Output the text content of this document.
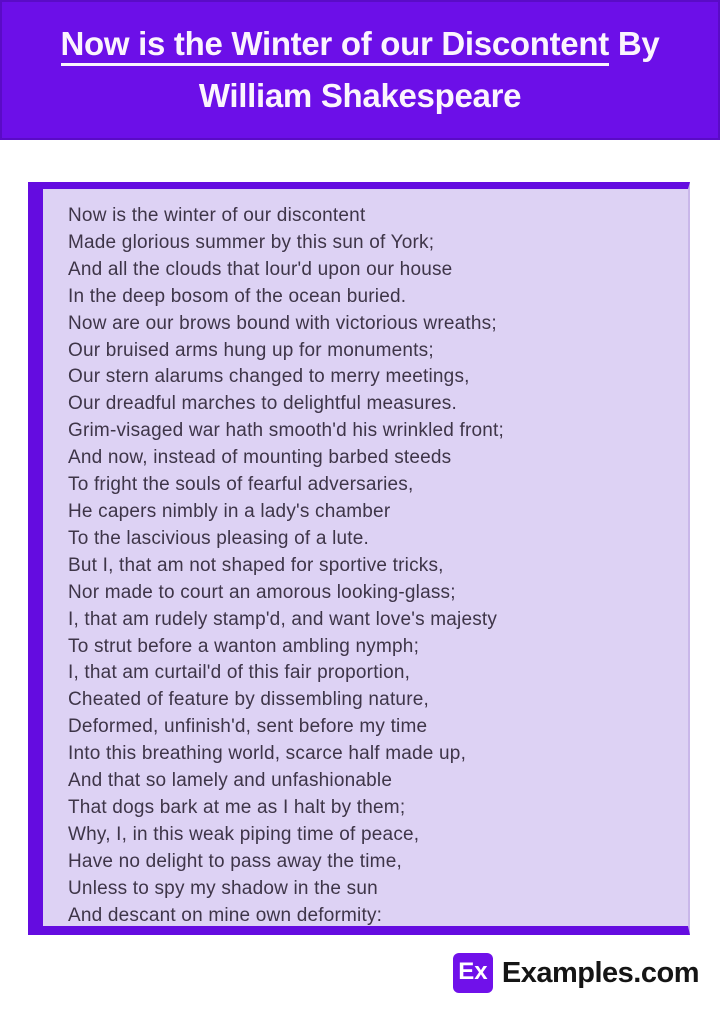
Now is the Winter of our Discontent By
William Shakespeare
Now is the winter of our discontent
Made glorious summer by this sun of York;
And all the clouds that lour'd upon our house
In the deep bosom of the ocean buried.
Now are our brows bound with victorious wreaths;
Our bruised arms hung up for monuments;
Our stern alarums changed to merry meetings,
Our dreadful marches to delightful measures.
Grim-visaged war hath smooth'd his wrinkled front;
And now, instead of mounting barbed steeds
To fright the souls of fearful adversaries,
He capers nimbly in a lady's chamber
To the lascivious pleasing of a lute.
But I, that am not shaped for sportive tricks,
Nor made to court an amorous looking-glass;
I, that am rudely stamp'd, and want love's majesty
To strut before a wanton ambling nymph;
I, that am curtail'd of this fair proportion,
Cheated of feature by dissembling nature,
Deformed, unfinish'd, sent before my time
Into this breathing world, scarce half made up,
And that so lamely and unfashionable
That dogs bark at me as I halt by them;
Why, I, in this weak piping time of peace,
Have no delight to pass away the time,
Unless to spy my shadow in the sun
And descant on mine own deformity:
Ex Examples.com
